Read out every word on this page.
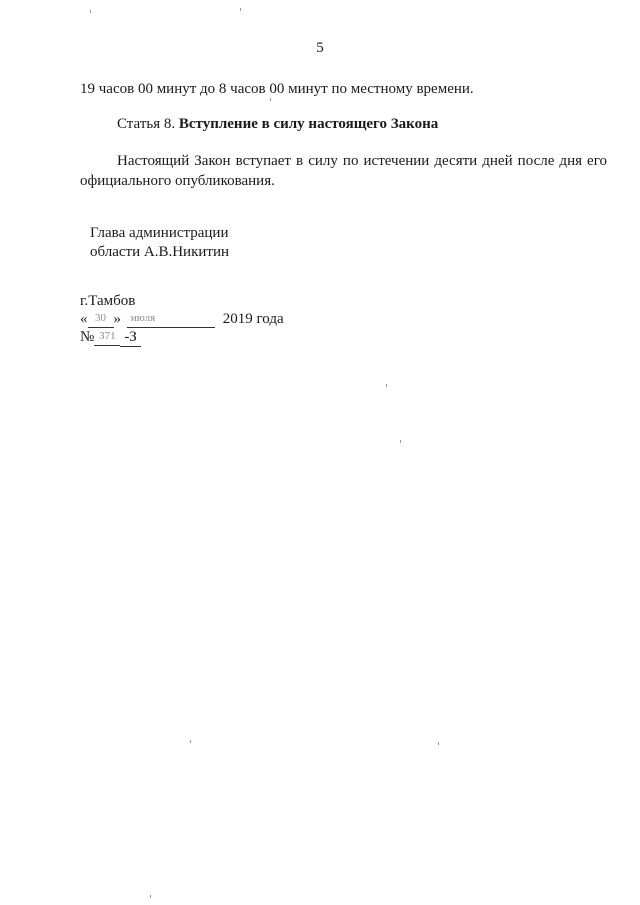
5
19 часов 00 минут до 8 часов 00 минут по местному времени.
Статья 8. Вступление в силу настоящего Закона
Настоящий Закон вступает в силу по истечении десяти дней после дня его
официального опубликования.
Глава администрации
области А.В.Никитин
г.Тамбов
« 30 » июля	2019 года
№ 371 -З
